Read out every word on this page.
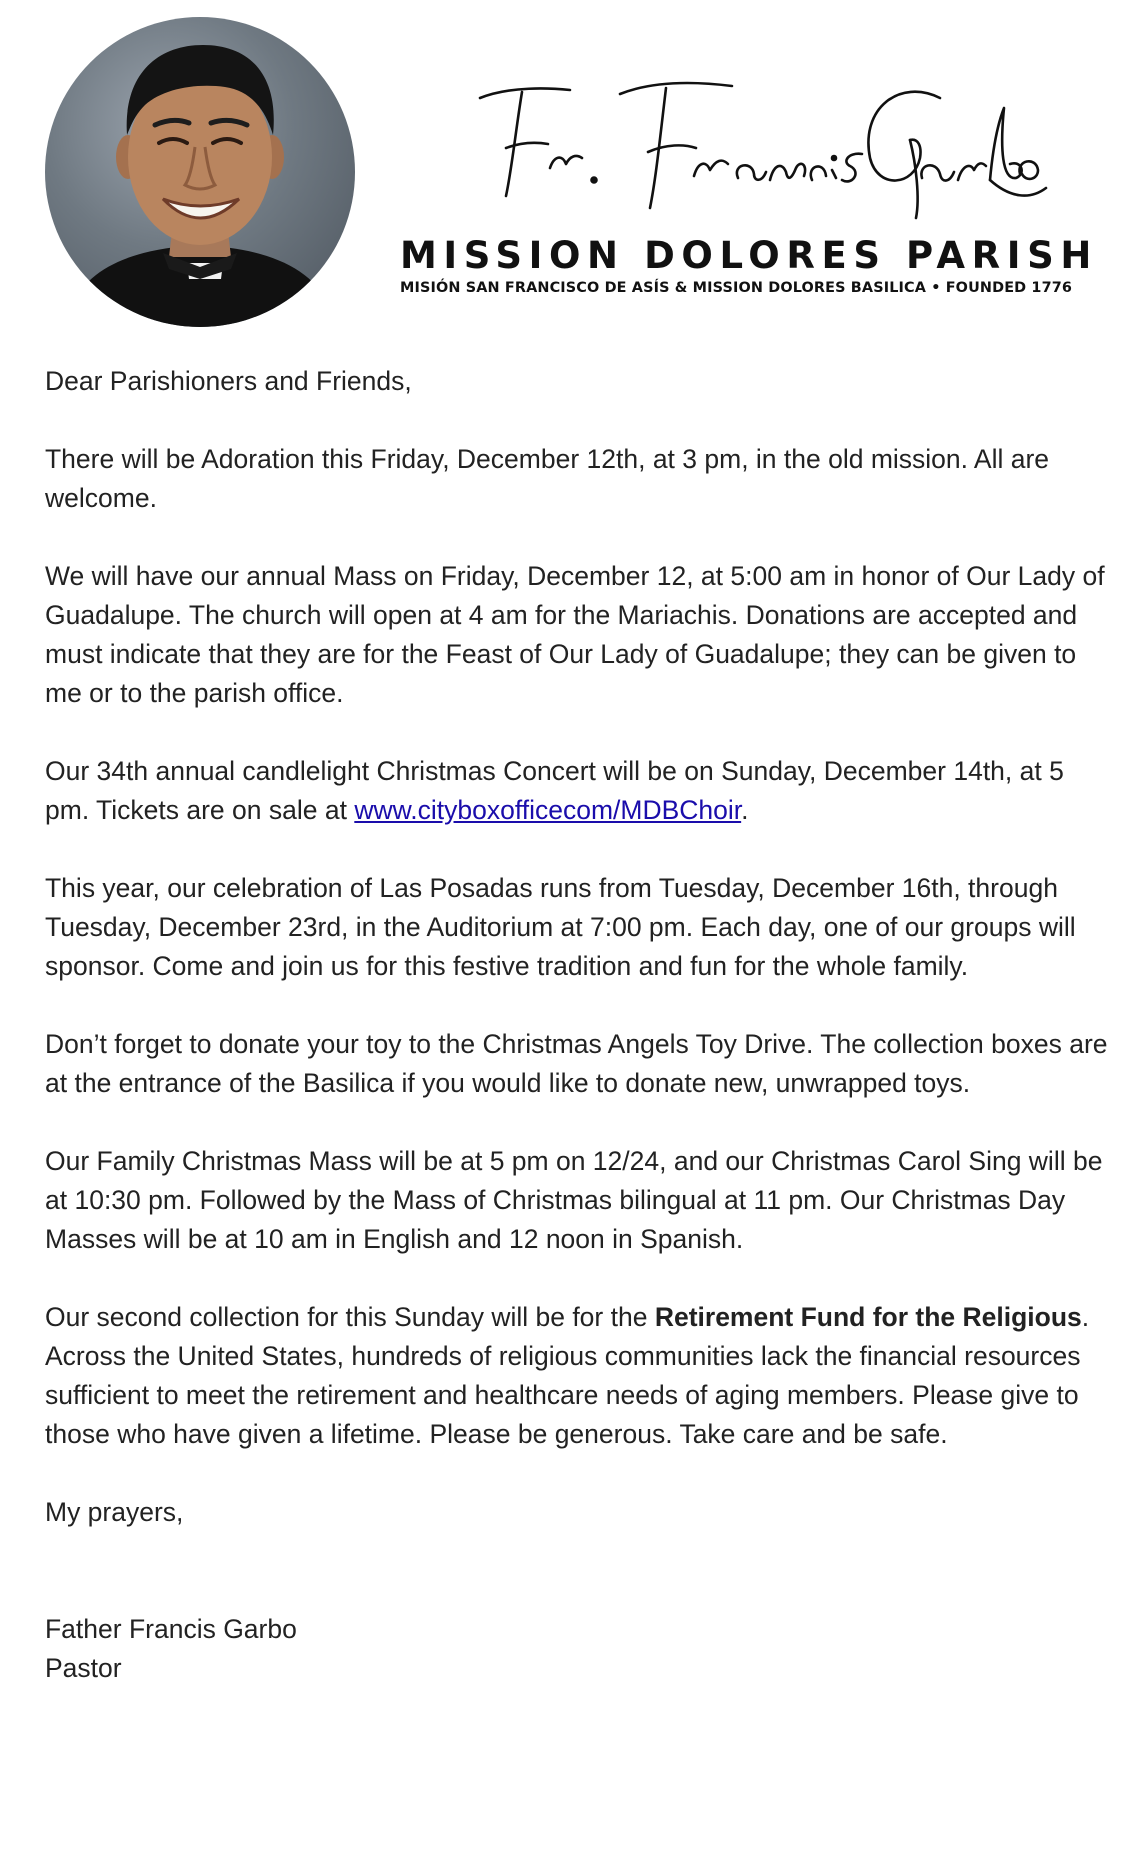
MISSION DOLORES PARISH
MISIÓN SAN FRANCISCO DE ASÍS & MISSION DOLORES BASILICA • FOUNDED 1776

Dear Parishioners and Friends,

There will be Adoration this Friday, December 12th, at 3 pm, in the old mission. All are welcome.

We will have our annual Mass on Friday, December 12, at 5:00 am in honor of Our Lady of Guadalupe. The church will open at 4 am for the Mariachis. Donations are accepted and must indicate that they are for the Feast of Our Lady of Guadalupe; they can be given to me or to the parish office.

Our 34th annual candlelight Christmas Concert will be on Sunday, December 14th, at 5 pm. Tickets are on sale at www.cityboxofficecom/MDBChoir.

This year, our celebration of Las Posadas runs from Tuesday, December 16th, through Tuesday, December 23rd, in the Auditorium at 7:00 pm. Each day, one of our groups will sponsor. Come and join us for this festive tradition and fun for the whole family.

Don’t forget to donate your toy to the Christmas Angels Toy Drive. The collection boxes are at the entrance of the Basilica if you would like to donate new, unwrapped toys.

Our Family Christmas Mass will be at 5 pm on 12/24, and our Christmas Carol Sing will be at 10:30 pm. Followed by the Mass of Christmas bilingual at 11 pm. Our Christmas Day Masses will be at 10 am in English and 12 noon in Spanish.

Our second collection for this Sunday will be for the Retirement Fund for the Religious. Across the United States, hundreds of religious communities lack the financial resources sufficient to meet the retirement and healthcare needs of aging members. Please give to those who have given a lifetime. Please be generous. Take care and be safe.

My prayers,

Father Francis Garbo

Pastor
